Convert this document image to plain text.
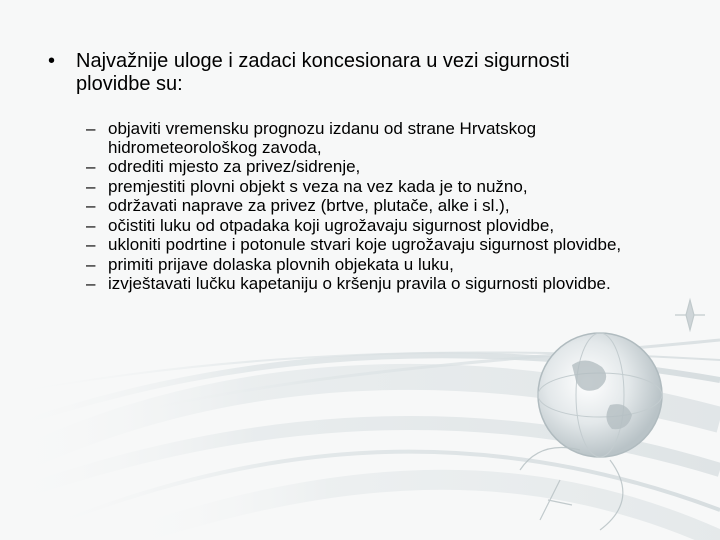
• Najvažnije uloge i zadaci koncesionara u vezi sigurnosti plovidbe su:
– objaviti vremensku prognozu izdanu od strane Hrvatskog hidrometeorološkog zavoda,
– odrediti mjesto za privez/sidrenje,
– premjestiti plovni objekt s veza na vez kada je to nužno,
– održavati naprave za privez (brtve, plutače, alke i sl.),
– očistiti luku od otpadaka koji ugrožavaju sigurnost plovidbe,
– ukloniti podrtine i potonule stvari koje ugrožavaju sigurnost plovidbe,
– primiti prijave dolaska plovnih objekata u luku,
– izvještavati lučku kapetaniju o kršenju pravila o sigurnosti plovidbe.
